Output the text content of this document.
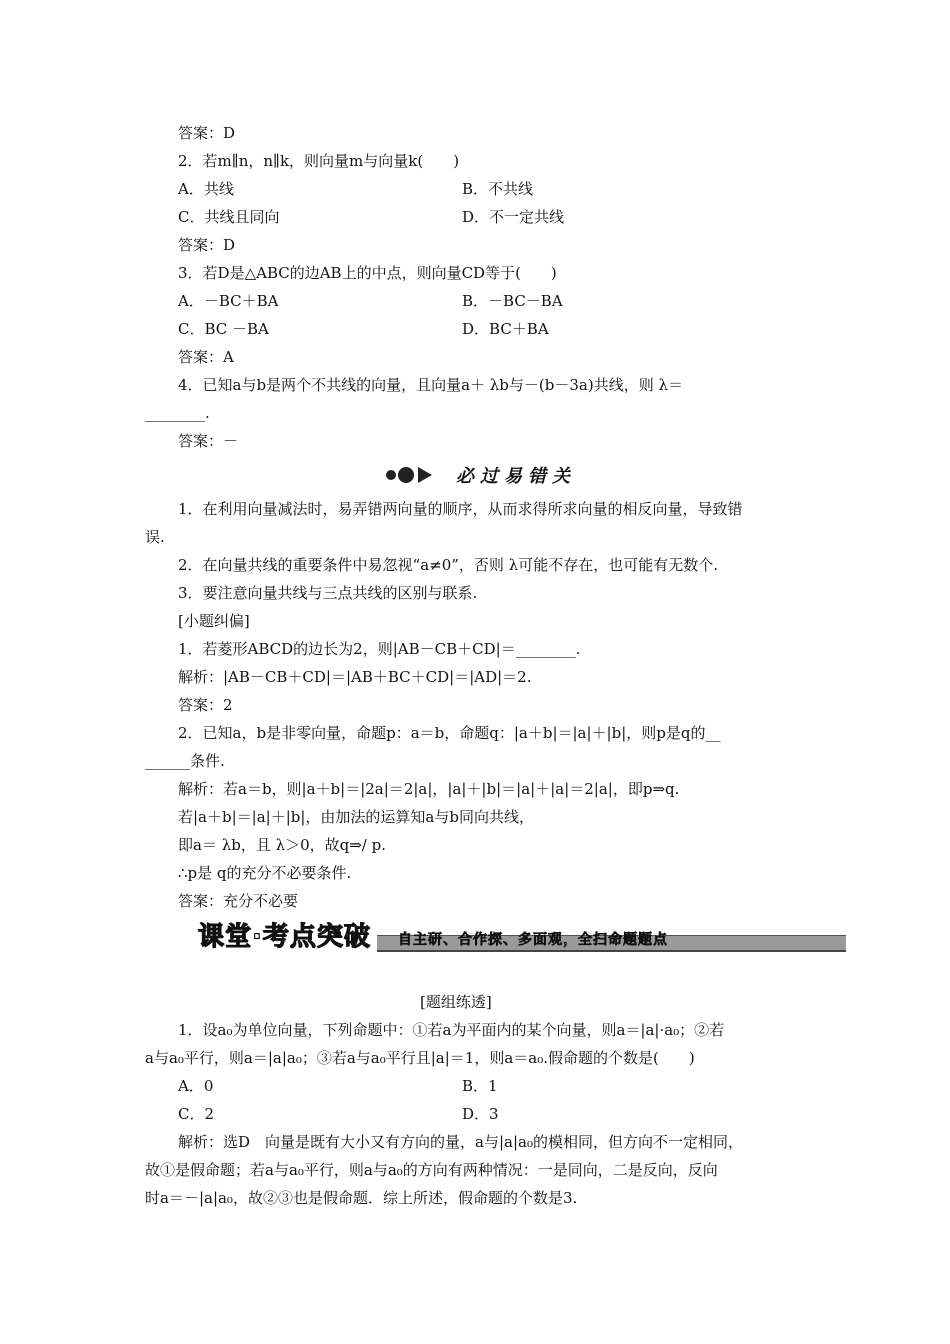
答案：D
2．若m∥n，n∥k，则向量m与向量k(　　)
A．共线	B．不共线
C．共线且同向	D．不一定共线
答案：D
3．若D是△ABC的边AB上的中点，则向量CD等于(　　)
A．－BC＋BA	B．－BC－BA
C．BC －BA	D．BC＋BA
答案：A
4．已知a与b是两个不共线的向量，且向量a＋ λb与－(b－3a)共线，则 λ＝
________.
答案：－
必过易错关
1．在利用向量减法时，易弄错两向量的顺序，从而求得所求向量的相反向量，导致错
误.
2．在向量共线的重要条件中易忽视“a≠0”，否则 λ可能不存在，也可能有无数个.
3．要注意向量共线与三点共线的区别与联系.
[小题纠偏]
1．若菱形ABCD的边长为2，则|AB－CB＋CD|＝________.
解析：|AB－CB＋CD|＝|AB＋BC＋CD|＝|AD|＝2.
答案：2
2．已知a，b是非零向量，命题p：a＝b，命题q：|a＋b|＝|a|＋|b|，则p是q的__
______条件.
解析：若a＝b，则|a＋b|＝|2a|＝2|a|，|a|＋|b|＝|a|＋|a|＝2|a|，即p⇒q.
若|a＋b|＝|a|＋|b|，由加法的运算知a与b同向共线，
即a＝ λb，且 λ＞0，故q⇒/ p.
∴p是 q的充分不必要条件.
答案：充分不必要
课堂·考点突破	自主研、合作探、多面观，全扫命题题点
[题组练透]
1．设a₀为单位向量，下列命题中：①若a为平面内的某个向量，则a＝|a|·a₀；②若
a与a₀平行，则a＝|a|a₀；③若a与a₀平行且|a|＝1，则a＝a₀.假命题的个数是(　　)
A．0	B．1
C．2	D．3
解析：选D　向量是既有大小又有方向的量，a与|a|a₀的模相同，但方向不一定相同，
故①是假命题；若a与a₀平行，则a与a₀的方向有两种情况：一是同向，二是反向，反向
时a＝－|a|a₀，故②③也是假命题．综上所述，假命题的个数是3.
